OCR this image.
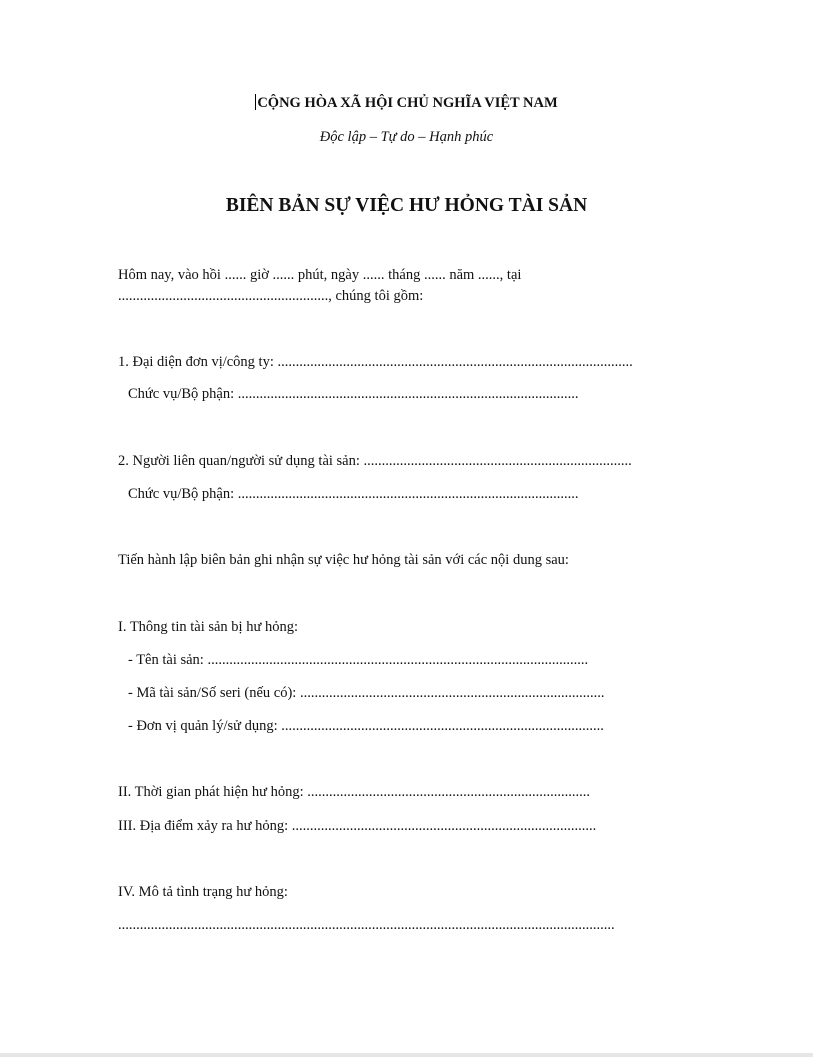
CỘNG HÒA XÃ HỘI CHỦ NGHĨA VIỆT NAM
Độc lập – Tự do – Hạnh phúc
BIÊN BẢN SỰ VIỆC HƯ HỎNG TÀI SẢN
Hôm nay, vào hồi ...... giờ ...... phút, ngày ...... tháng ...... năm ......, tại
.........................................................., chúng tôi gồm:
1. Đại diện đơn vị/công ty: ..................................................................................................
Chức vụ/Bộ phận: ..............................................................................................
2. Người liên quan/người sử dụng tài sản: ..........................................................................
Chức vụ/Bộ phận: ..............................................................................................
Tiến hành lập biên bản ghi nhận sự việc hư hỏng tài sản với các nội dung sau:
I. Thông tin tài sản bị hư hỏng:
- Tên tài sản: .........................................................................................................
- Mã tài sản/Số seri (nếu có): ....................................................................................
- Đơn vị quản lý/sử dụng: .........................................................................................
II. Thời gian phát hiện hư hỏng: ..............................................................................
III. Địa điểm xảy ra hư hỏng: ....................................................................................
IV. Mô tả tình trạng hư hỏng:
.........................................................................................................................................
